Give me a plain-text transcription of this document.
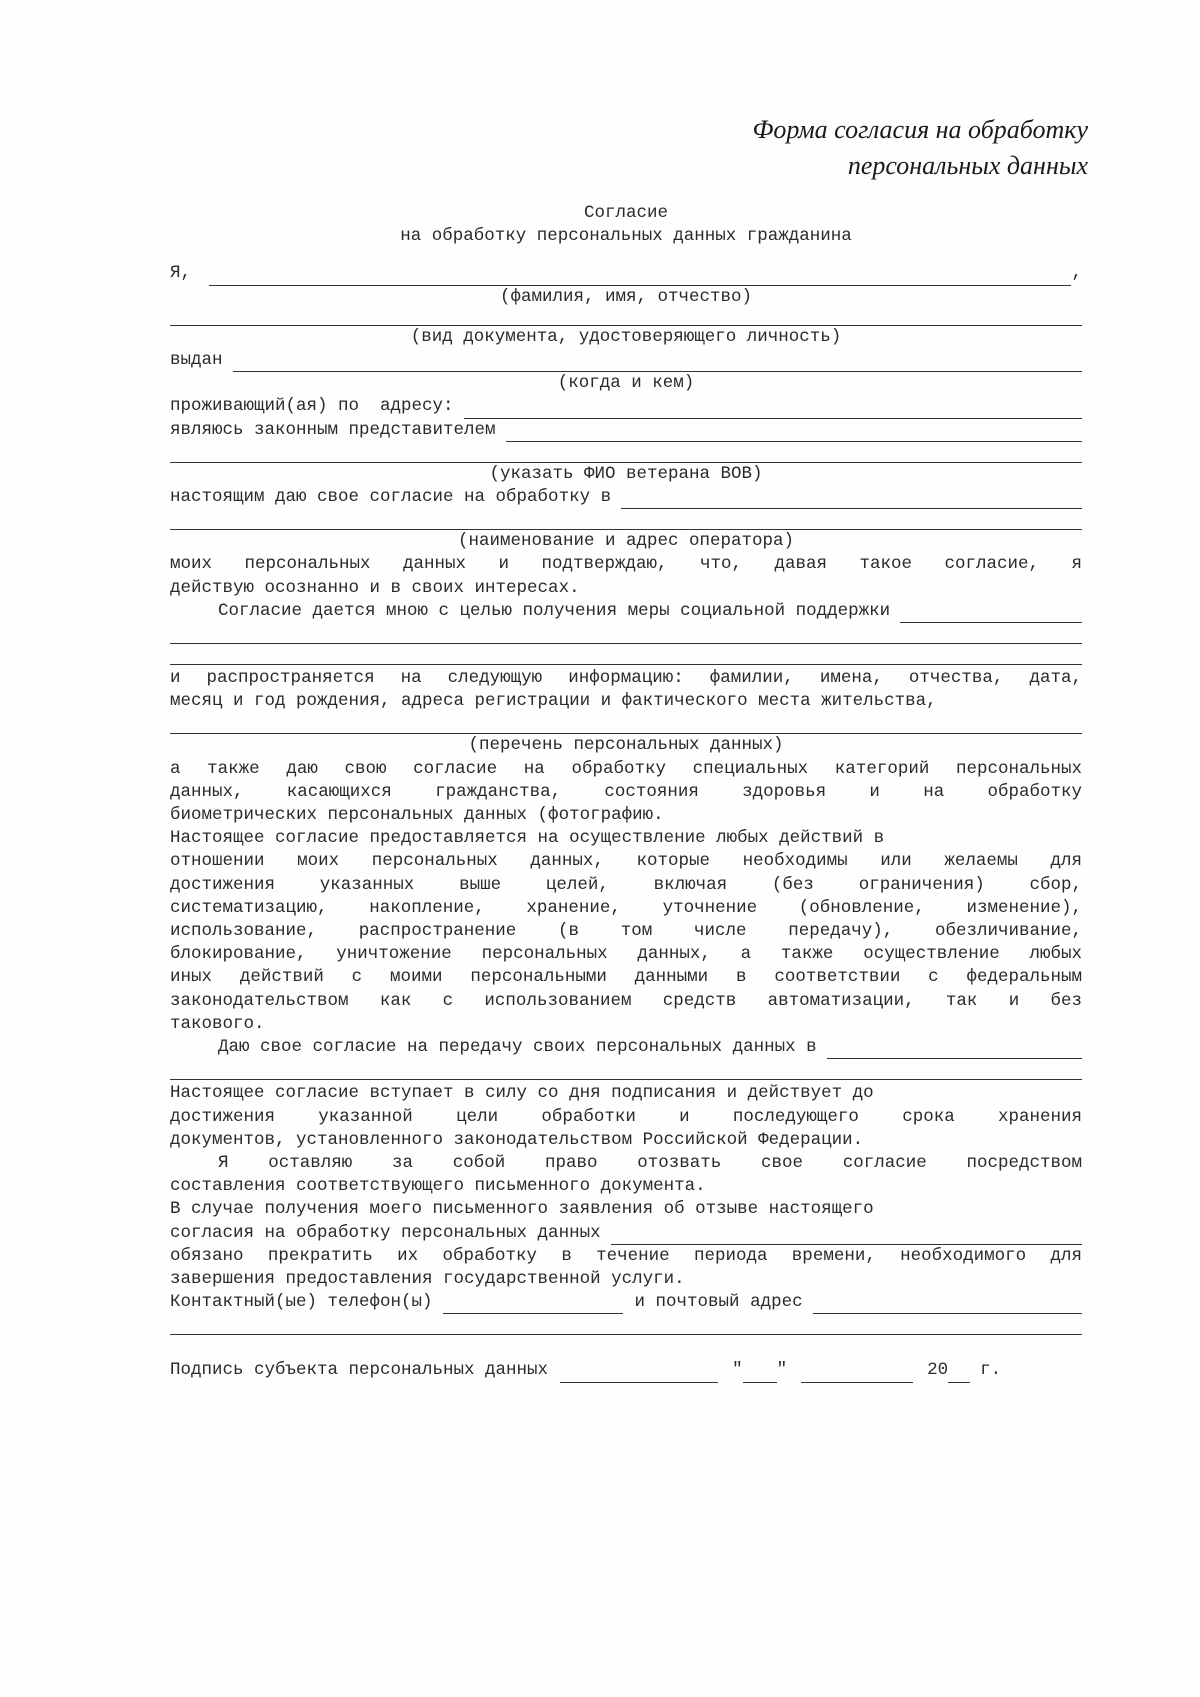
Форма согласия на обработку
персональных данных
Согласие
на обработку персональных данных гражданина
Я,	,
(фамилия, имя, отчество)
(вид документа, удостоверяющего личность)
выдан
(когда и кем)
проживающий(ая) по  адресу:
являюсь законным представителем
(указать ФИО ветерана ВОВ)
настоящим даю свое согласие на обработку в
(наименование и адрес оператора)
моих персональных данных и подтверждаю, что, давая такое согласие, я
действую осознанно и в своих интересах.
Согласие дается мною с целью получения меры социальной поддержки
и распространяется на следующую информацию: фамилии, имена, отчества, дата,
месяц и год рождения, адреса регистрации и фактического места жительства,
(перечень персональных данных)
а также даю свою согласие на обработку специальных категорий персональных
данных, касающихся гражданства, состояния здоровья и на обработку
биометрических персональных данных (фотографию.
Настоящее согласие предоставляется на осуществление любых действий в
отношении моих персональных данных, которые необходимы или желаемы для
достижения указанных выше целей, включая (без ограничения) сбор,
систематизацию, накопление, хранение, уточнение (обновление, изменение),
использование, распространение (в том числе передачу), обезличивание,
блокирование, уничтожение персональных данных, а также осуществление любых
иных действий с моими персональными данными в соответствии с федеральным
законодательством как с использованием средств автоматизации, так и без
такового.
Даю свое согласие на передачу своих персональных данных в
Настоящее согласие вступает в силу со дня подписания и действует до
достижения указанной цели обработки и последующего срока хранения
документов, установленного законодательством Российской Федерации.
Я оставляю за собой право отозвать свое согласие посредством
составления соответствующего письменного документа.
В случае получения моего письменного заявления об отзыве настоящего
согласия на обработку персональных данных
обязано прекратить их обработку в течение периода времени, необходимого для
завершения предоставления государственной услуги.
Контактный(ые) телефон(ы)	и почтовый адрес
Подпись субъекта персональных данных	" "	20 г.
